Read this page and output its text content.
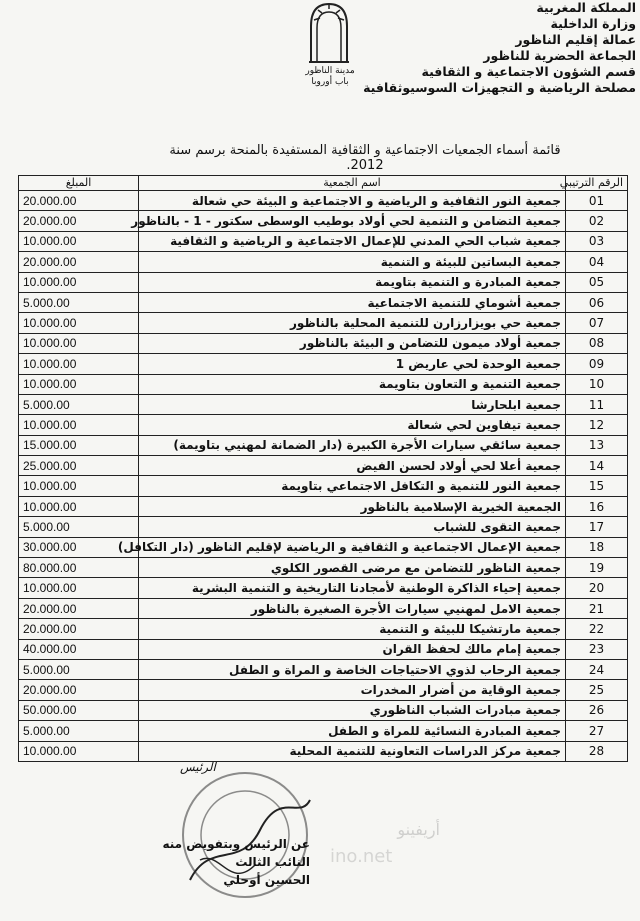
المملكة المغربية
وزارة الداخلية
عمالة إقليم الناظور
الجماعة الحضرية للناظور
قسم الشؤون الاجتماعية و الثقافية
مصلحة الرياضية و التجهيزات السوسيوثقافية
مدينة الناظور
باب أوروبا
قائمة أسماء الجمعيات الاجتماعية و الثقافية المستفيدة بالمنحة برسم سنة 2012.
الرقم الترتيبي	اسم الجمعية	المبلغ
01	جمعية النور الثقافية و الرياضية و الاجتماعية و البيئة حي شعالة	20.000.00
02	جمعية التضامن و التنمية لحي أولاد بوطيب الوسطى سكتور - 1 - بالناظور	20.000.00
03	جمعية شباب الحي المدني للإعمال الاجتماعية و الرياضية و الثقافية	10.000.00
04	جمعية البساتين للبيئة و التنمية	20.000.00
05	جمعية المبادرة و التنمية بتاويمة	10.000.00
06	جمعية أشوماي للتنمية الاجتماعية	5.000.00
07	جمعية حي بويزارزارن للتنمية المحلية بالناظور	10.000.00
08	جمعية أولاد ميمون للتضامن و البيئة بالناظور	10.000.00
09	جمعية الوحدة لحي عاريض 1	10.000.00
10	جمعية التنمية و التعاون بتاويمة	10.000.00
11	جمعية ابلحارشا	5.000.00
12	جمعية تيفاوين لحي شعالة	10.000.00
13	جمعية سائقي سيارات الأجرة الكبيرة (دار الضمانة لمهنيي بتاويمة)	15.000.00
14	جمعية أعلا لحي أولاد لحسن الفيض	25.000.00
15	جمعية النور للتنمية و التكافل الاجتماعي بتاويمة	10.000.00
16	الجمعية الخيرية الإسلامية بالناظور	10.000.00
17	جمعية التقوى للشباب	5.000.00
18	جمعية الإعمال الاجتماعية و الثقافية و الرياضية لإقليم الناظور (دار التكافل)	30.000.00
19	جمعية الناظور للتضامن مع مرضى القصور الكلوي	80.000.00
20	جمعية إحياء الذاكرة الوطنية لأمجادنا التاريخية و التنمية البشرية	10.000.00
21	جمعية الامل لمهنيي سيارات الأجرة الصغيرة بالناظور	20.000.00
22	جمعية مارتشيكا للبيئة و التنمية	20.000.00
23	جمعية إمام مالك لحفظ القران	40.000.00
24	جمعية الرحاب لذوي الاحتياجات الخاصة و المراة و الطفل	5.000.00
25	جمعية الوقاية من أضرار المخدرات	20.000.00
26	جمعية مبادرات الشباب الناظوري	50.000.00
27	جمعية المبادرة النسائية للمراة و الطفل	5.000.00
28	جمعية مركز الدراسات التعاونية للتنمية المحلية	10.000.00
الرئيس
عن الرئيس وبتفويض منه
النائب الثالث
الحسين أوحلي
أريفينو
ino.net
